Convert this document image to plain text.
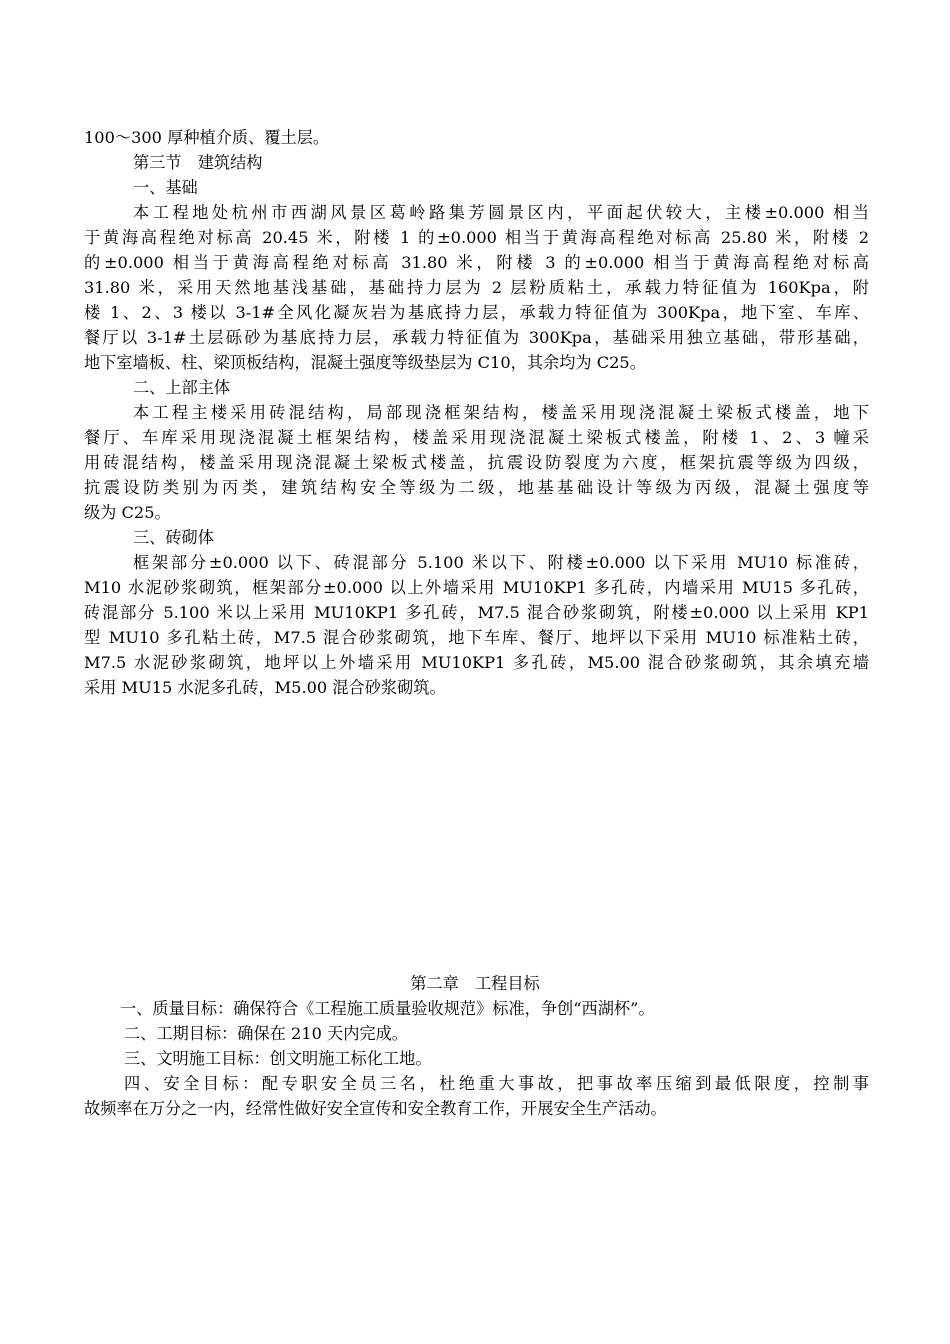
100～300 厚种植介质、覆土层。

第三节　建筑结构

一、基础

本工程地处杭州市西湖风景区葛岭路集芳圆景区内，平面起伏较大，主楼±0.000 相当

于黄海高程绝对标高 20.45 米，附楼 1 的±0.000 相当于黄海高程绝对标高 25.80 米，附楼 2

的±0.000 相当于黄海高程绝对标高 31.80 米，附楼 3 的±0.000 相当于黄海高程绝对标高

31.80 米，采用天然地基浅基础，基础持力层为 2 层粉质粘土，承载力特征值为 160Kpa，附

楼 1、2、3 楼以 3-1#全风化凝灰岩为基底持力层，承载力特征值为 300Kpa，地下室、车库、

餐厅以 3-1#土层砾砂为基底持力层，承载力特征值为 300Kpa，基础采用独立基础，带形基础，

地下室墙板、柱、梁顶板结构，混凝土强度等级垫层为 C10，其余均为 C25。

二、上部主体

本工程主楼采用砖混结构，局部现浇框架结构，楼盖采用现浇混凝土梁板式楼盖，地下

餐厅、车库采用现浇混凝土框架结构，楼盖采用现浇混凝土梁板式楼盖，附楼 1、2、3 幢采

用砖混结构，楼盖采用现浇混凝土梁板式楼盖，抗震设防裂度为六度，框架抗震等级为四级，

抗震设防类别为丙类，建筑结构安全等级为二级，地基基础设计等级为丙级，混凝土强度等

级为 C25。

三、砖砌体

框架部分±0.000 以下、砖混部分 5.100 米以下、附楼±0.000 以下采用 MU10 标准砖，

M10 水泥砂浆砌筑，框架部分±0.000 以上外墙采用 MU10KP1 多孔砖，内墙采用 MU15 多孔砖，

砖混部分 5.100 米以上采用 MU10KP1 多孔砖，M7.5 混合砂浆砌筑，附楼±0.000 以上采用 KP1

型 MU10 多孔粘土砖，M7.5 混合砂浆砌筑，地下车库、餐厅、地坪以下采用 MU10 标准粘土砖，

M7.5 水泥砂浆砌筑，地坪以上外墙采用 MU10KP1 多孔砖，M5.00 混合砂浆砌筑，其余填充墙

采用 MU15 水泥多孔砖，M5.00 混合砂浆砌筑。

第二章　工程目标

一、质量目标：确保符合《工程施工质量验收规范》标准，争创“西湖杯”。

二、工期目标：确保在 210 天内完成。

三、文明施工目标：创文明施工标化工地。

四、安全目标：配专职安全员三名，杜绝重大事故，把事故率压缩到最低限度，控制事

故频率在万分之一内，经常性做好安全宣传和安全教育工作，开展安全生产活动。
